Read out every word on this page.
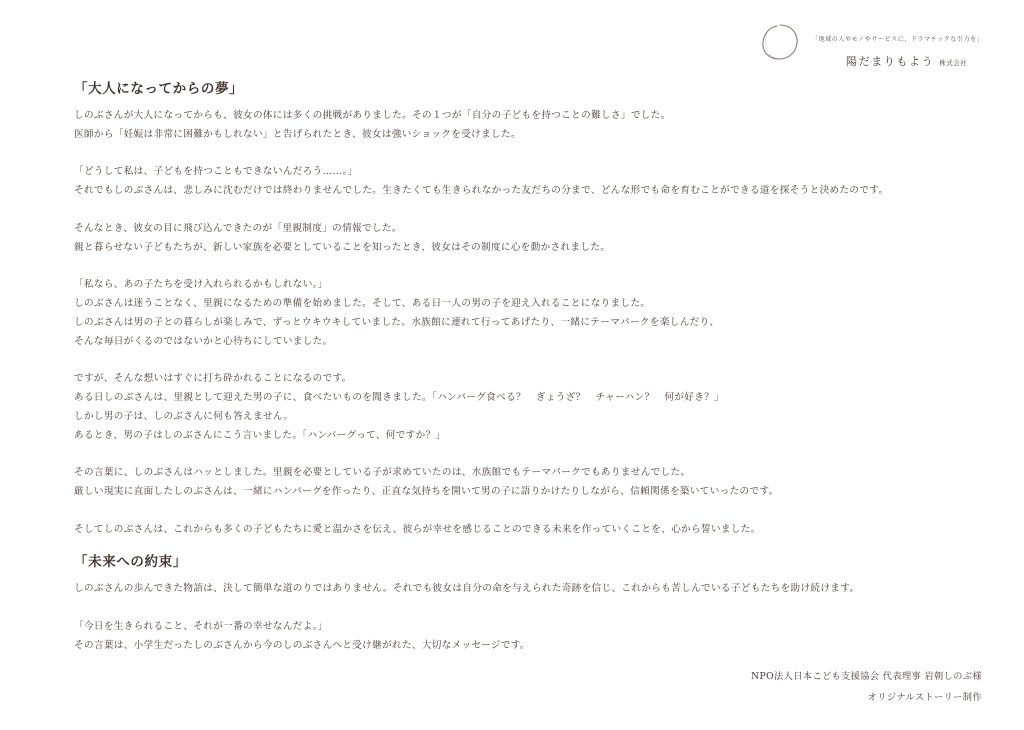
「地域の人やモノやサービスに、ドラマチックな引力を」
陽だまりもよう 株式会社
「大人になってからの夢」

しのぶさんが大人になってからも、彼女の体には多くの挑戦がありました。その１つが「自分の子どもを持つことの難しさ」でした。
医師から「妊娠は非常に困難かもしれない」と告げられたとき、彼女は強いショックを受けました。

「どうして私は、子どもを持つこともできないんだろう……。」
それでもしのぶさんは、悲しみに沈むだけでは終わりませんでした。生きたくても生きられなかった友だちの分まで、どんな形でも命を育むことができる道を探そうと決めたのです。

そんなとき、彼女の目に飛び込んできたのが「里親制度」の情報でした。
親と暮らせない子どもたちが、新しい家族を必要としていることを知ったとき、彼女はその制度に心を動かされました。

「私なら、あの子たちを受け入れられるかもしれない。」
しのぶさんは迷うことなく、里親になるための準備を始めました。そして、ある日一人の男の子を迎え入れることになりました。
しのぶさんは男の子との暮らしが楽しみで、ずっとウキウキしていました。水族館に連れて行ってあげたり、一緒にテーマパークを楽しんだり、
そんな毎日がくるのではないかと心待ちにしていました。

ですが、そんな想いはすぐに打ち砕かれることになるのです。
ある日しのぶさんは、里親として迎えた男の子に、食べたいものを聞きました。「ハンバーグ食べる？　ぎょうざ？　チャーハン？　何が好き？」
しかし男の子は、しのぶさんに何も答えません。
あるとき、男の子はしのぶさんにこう言いました。「ハンバーグって、何ですか？」

その言葉に、しのぶさんはハッとしました。里親を必要としている子が求めていたのは、水族館でもテーマパークでもありませんでした。
厳しい現実に直面したしのぶさんは、一緒にハンバーグを作ったり、正直な気持ちを開いて男の子に語りかけたりしながら、信頼関係を築いていったのです。

そしてしのぶさんは、これからも多くの子どもたちに愛と温かさを伝え、彼らが幸せを感じることのできる未来を作っていくことを、心から誓いました。

「未来への約束」

しのぶさんの歩んできた物語は、決して簡単な道のりではありません。それでも彼女は自分の命を与えられた奇跡を信じ、これからも苦しんでいる子どもたちを助け続けます。

「今日を生きられること、それが一番の幸せなんだよ。」
その言葉は、小学生だったしのぶさんから今のしのぶさんへと受け継がれた、大切なメッセージです。

NPO法人日本こども支援協会 代表理事 岩朝しのぶ様
オリジナルストーリー制作
